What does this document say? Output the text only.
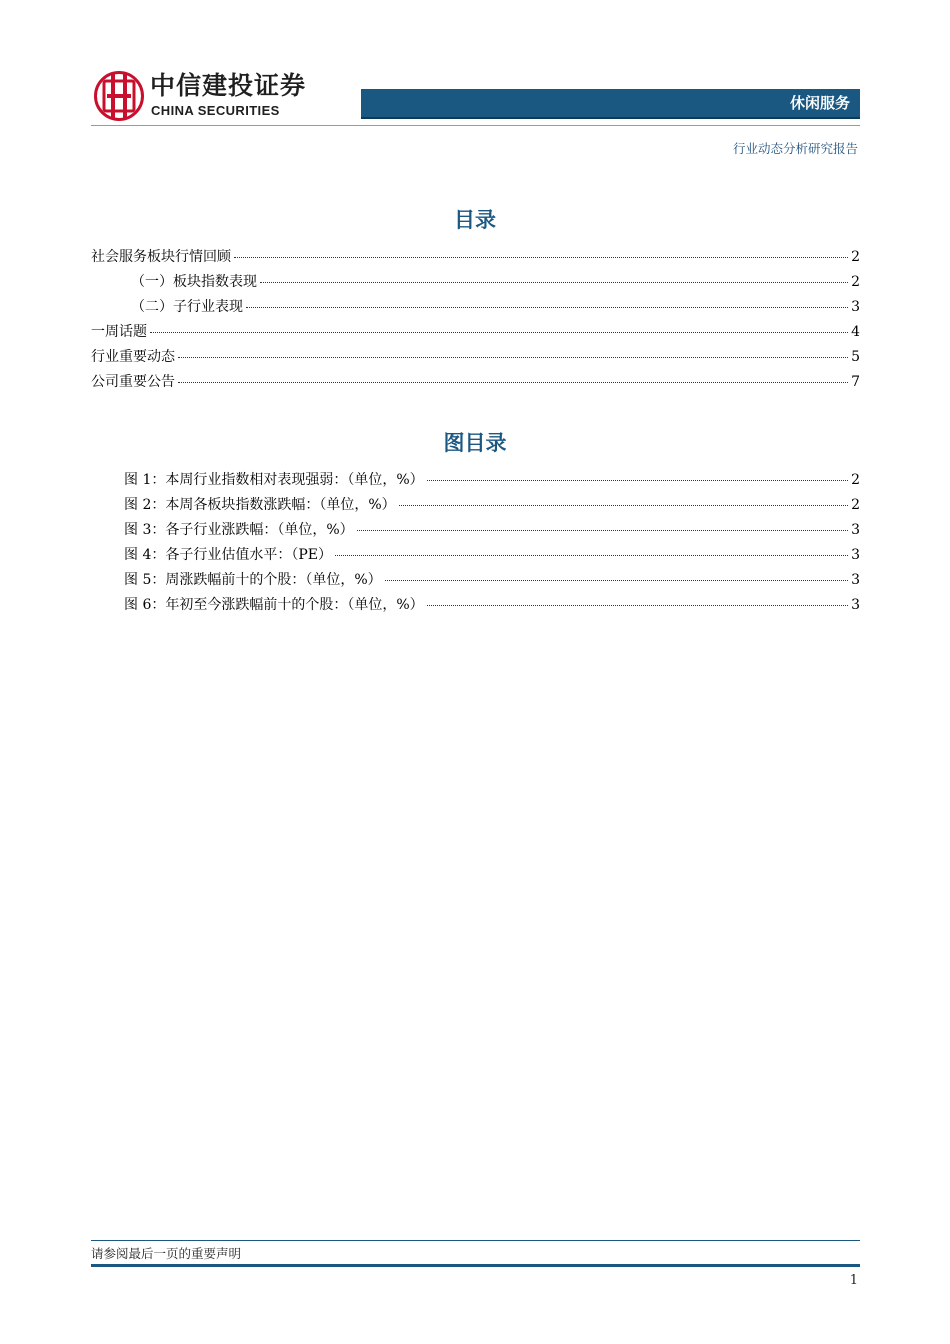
中信建投证券
CHINA SECURITIES	休闲服务
行业动态分析研究报告
目录
社会服务板块行情回顾	2
（一）板块指数表现	2
（二）子行业表现	3
一周话题	4
行业重要动态	5
公司重要公告	7
图目录
图 1：本周行业指数相对表现强弱：（单位，%）	2
图 2：本周各板块指数涨跌幅：（单位，%）	2
图 3：各子行业涨跌幅：（单位，%）	3
图 4：各子行业估值水平：（PE）	3
图 5：周涨跌幅前十的个股：（单位，%）	3
图 6：年初至今涨跌幅前十的个股：（单位，%）	3
请参阅最后一页的重要声明
1
